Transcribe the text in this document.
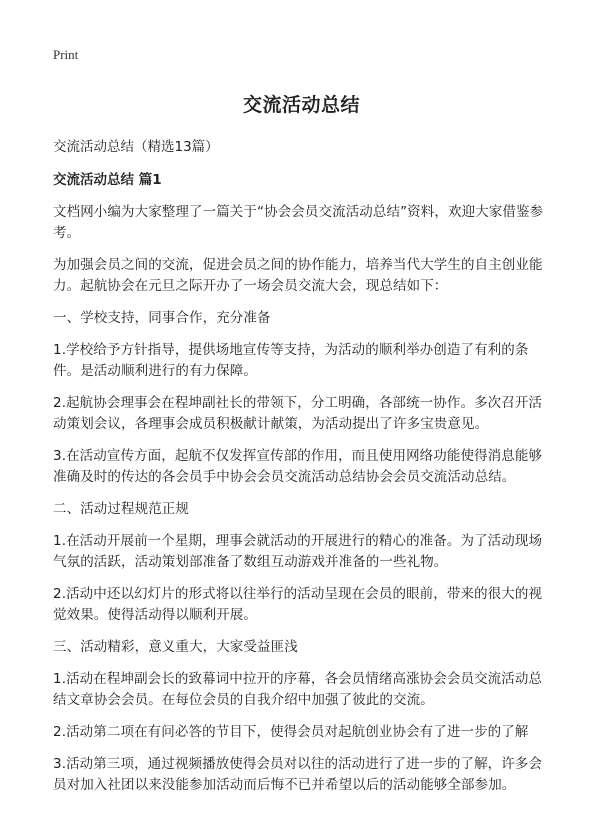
Print
交流活动总结
交流活动总结（精选13篇）
交流活动总结 篇1

文档网小编为大家整理了一篇关于“协会会员交流活动总结”资料，欢迎大家借鉴参考。

为加强会员之间的交流，促进会员之间的协作能力，培养当代大学生的自主创业能力。起航协会在元旦之际开办了一场会员交流大会，现总结如下：

一、学校支持，同事合作，充分准备

1.学校给予方针指导，提供场地宣传等支持，为活动的顺利举办创造了有利的条件。是活动顺利进行的有力保障。

2.起航协会理事会在程坤副社长的带领下，分工明确，各部统一协作。多次召开活动策划会议，各理事会成员积极献计献策，为活动提出了许多宝贵意见。

3.在活动宣传方面，起航不仅发挥宣传部的作用，而且使用网络功能使得消息能够准确及时的传达的各会员手中协会会员交流活动总结协会会员交流活动总结。

二、活动过程规范正规

1.在活动开展前一个星期，理事会就活动的开展进行的精心的准备。为了活动现场气氛的活跃，活动策划部准备了数组互动游戏并准备的一些礼物。

2.活动中还以幻灯片的形式将以往举行的活动呈现在会员的眼前，带来的很大的视觉效果。使得活动得以顺利开展。

三、活动精彩，意义重大，大家受益匪浅

1.活动在程坤副会长的致幕词中拉开的序幕，各会员情绪高涨协会会员交流活动总结文章协会会员。在每位会员的自我介绍中加强了彼此的交流。

2.活动第二项在有问必答的节目下，使得会员对起航创业协会有了进一步的了解

3.活动第三项，通过视频播放使得会员对以往的活动进行了进一步的了解，许多会员对加入社团以来没能参加活动而后悔不已并希望以后的活动能够全部参加。
